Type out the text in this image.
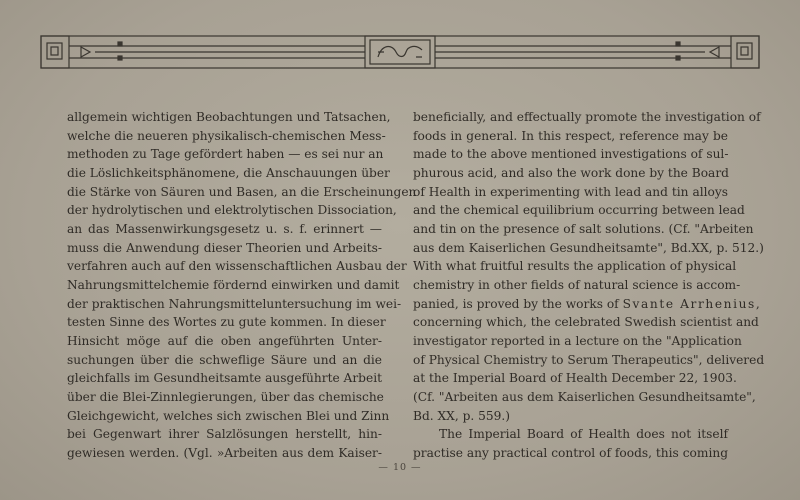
allgemein wichtigen Beobachtungen und Tatsachen,
welche die neueren physikalisch-chemischen Mess-
methoden zu Tage gefördert haben — es sei nur an
die Löslichkeitsphänomene, die Anschauungen über
die Stärke von Säuren und Basen, an die Erscheinungen
der hydrolytischen und elektrolytischen Dissociation,
an das Massenwirkungsgesetz u. s. f. erinnert —
muss die Anwendung dieser Theorien und Arbeits-
verfahren auch auf den wissenschaftlichen Ausbau der
Nahrungsmittelchemie fördernd einwirken und damit
der praktischen Nahrungsmitteluntersuchung im wei-
testen Sinne des Wortes zu gute kommen. In dieser
Hinsicht möge auf die oben angeführten Unter-
suchungen über die schweflige Säure und an die
gleichfalls im Gesundheitsamte ausgeführte Arbeit
über die Blei-Zinnlegierungen, über das chemische
Gleichgewicht, welches sich zwischen Blei und Zinn
bei Gegenwart ihrer Salzlösungen herstellt, hin-
gewiesen werden. (Vgl. »Arbeiten aus dem Kaiser-

beneficially, and effectually promote the investigation of
foods in general. In this respect, reference may be
made to the above mentioned investigations of sul-
phurous acid, and also the work done by the Board
of Health in experimenting with lead and tin alloys
and the chemical equilibrium occurring between lead
and tin on the presence of salt solutions. (Cf. "Arbeiten
aus dem Kaiserlichen Gesundheitsamte", Bd.XX, p. 512.)
With what fruitful results the application of physical
chemistry in other fields of natural science is accom-
panied, is proved by the works of Svante Arrhenius,
concerning which, the celebrated Swedish scientist and
investigator reported in a lecture on the "Application
of Physical Chemistry to Serum Therapeutics", delivered
at the Imperial Board of Health December 22, 1903.
(Cf. "Arbeiten aus dem Kaiserlichen Gesundheitsamte",
Bd. XX, p. 559.)

The Imperial Board of Health does not itself
practise any practical control of foods, this coming

— 10 —
